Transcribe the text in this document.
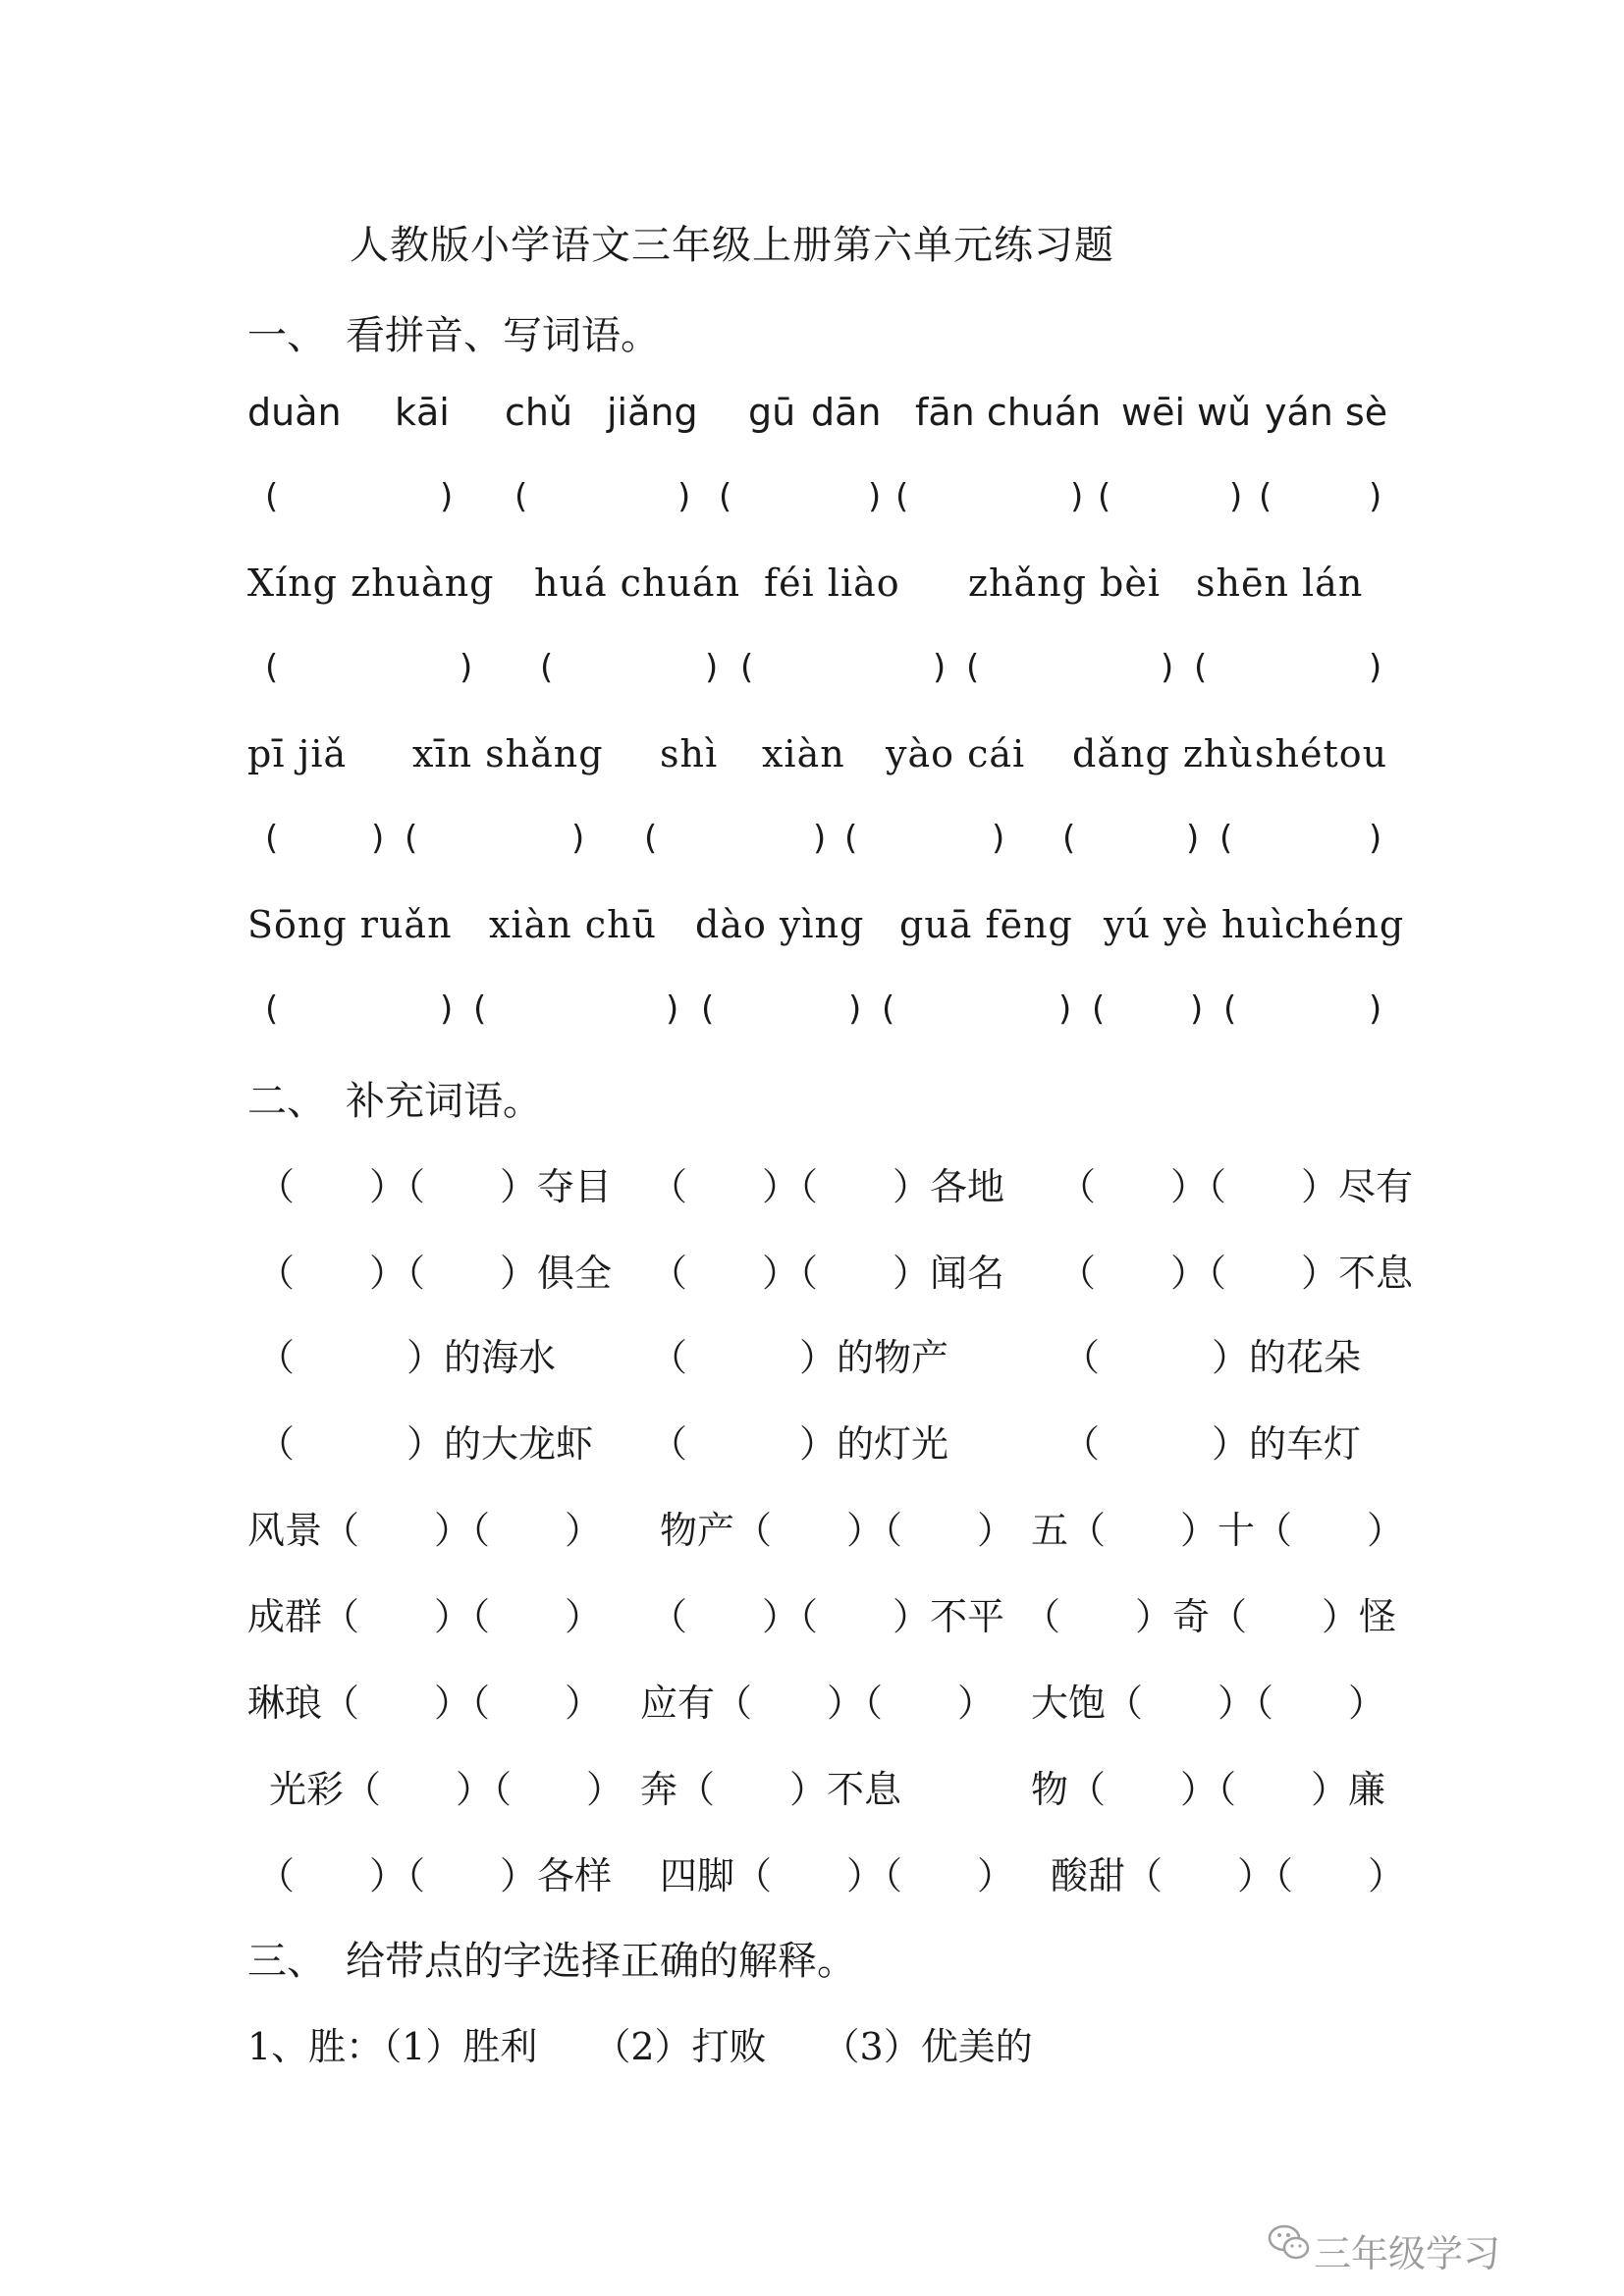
人教版小学语文三年级上册第六单元练习题
一、 看拼音、写词语。
duàn kāi chǔ jiǎng gū dān fān chuán wēi wǔ yán sè
(	) (	) (	) (	) (	) (	)
Xíng zhuàng huá chuán féi liào zhǎng bèi shēn lán
(	) (	) (	) (	) (	)
pī jiǎ xīn shǎng shì xiàn yào cái dǎng zhù shétou
(	) (	) (	) (	) (	) (	)
Sōng ruǎn xiàn chū dào yìng guā fēng yú yè huìchéng
(	) (	) (	) (	) (	) (	)
二、 补充词语。
（　　）（　　）夺目 （　　）（　　）各地 （　　）（　　）尽有
（　　）（　　）俱全 （　　）（　　）闻名 （　　）（　　）不息
（　　　）的海水	（　　　）的物产	（　　　）的花朵
（　　　）的大龙虾 （　　　）的灯光	（　　　）的车灯
风景（　　）（　　） 物产（　　）（　　） 五（　　）十（　　）
成群（　　）（　　） （　　）（　　）不平 （　　）奇（　　）怪
琳琅（　　）（　　） 应有（　　）（　　） 大饱（　　）（　　）
光彩（　　）（　　） 奔（　　）不息	物（　　）（　　）廉
（　　）（　　）各样 四脚（　　）（　　） 酸甜（　　）（　　）
三、 给带点的字选择正确的解释。
1、胜：（1）胜利　　（2）打败　　（3）优美的
三年级学习
